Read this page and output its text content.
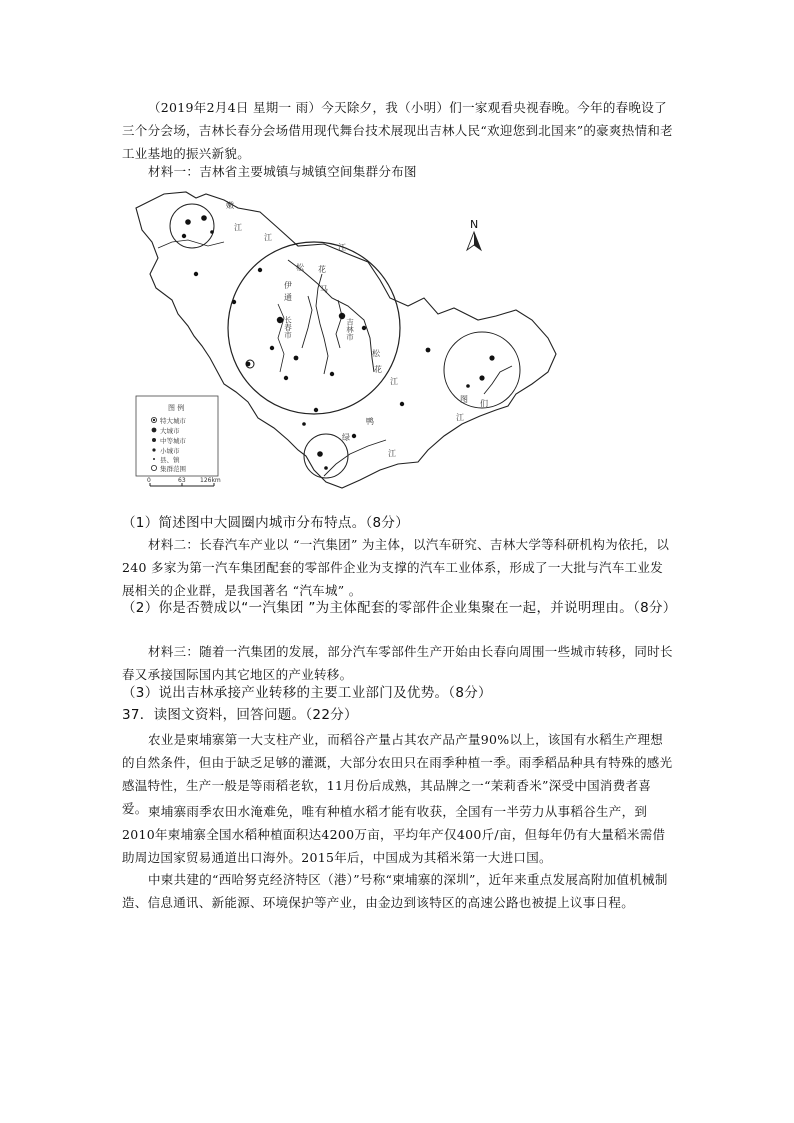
（2019年2月4日 星期一 雨）今天除夕，我（小明）们一家观看央视春晚。今年的春晚设了三个分会场，吉林长春分会场借用现代舞台技术展现出吉林人民“欢迎您到北国来”的豪爽热情和老工业基地的振兴新貌。
材料一：吉林省主要城镇与城镇空间集群分布图
N
嫩
江
松 花
江
江
伊
通
马
松
花
江
鸭
绿
江
图 们
江
长春市	吉林市
图 例
特大城市
大城市
中等城市
小城市
县、镇
集群范围
0	63 126km
（1）简述图中大圆圈内城市分布特点。（8分）
材料二：长春汽车产业以 “一汽集团” 为主体，以汽车研究、吉林大学等科研机构为依托，以 240 多家为第一汽车集团配套的零部件企业为支撑的汽车工业体系，形成了一大批与汽车工业发展相关的企业群，是我国著名 “汽车城” 。
（2）你是否赞成以“一汽集团 ”为主体配套的零部件企业集聚在一起，并说明理由。（8分）
材料三：随着一汽集团的发展，部分汽车零部件生产开始由长春向周围一些城市转移，同时长春又承接国际国内其它地区的产业转移。
（3）说出吉林承接产业转移的主要工业部门及优势。（8分）
37．读图文资料，回答问题。（22分）
农业是柬埔寨第一大支柱产业，而稻谷产量占其农产品产量90%以上，该国有水稻生产理想的自然条件，但由于缺乏足够的灌溉，大部分农田只在雨季种植一季。雨季稻品种具有特殊的感光感温特性，生产一般是等雨稻老软，11月份后成熟，其品牌之一“茉莉香米”深受中国消费者喜爱。 柬埔寨雨季农田水淹难免，唯有种植水稻才能有收获，全国有一半劳力从事稻谷生产，到2010年柬埔寨全国水稻种植面积达4200万亩，平均年产仅400斤/亩，但每年仍有大量稻米需借助周边国家贸易通道出口海外。2015年后，中国成为其稻米第一大进口国。
中柬共建的“西哈努克经济特区（港）”号称“柬埔寨的深圳”，近年来重点发展高附加值机械制造、信息通讯、新能源、环境保护等产业，由金边到该特区的高速公路也被提上议事日程。
